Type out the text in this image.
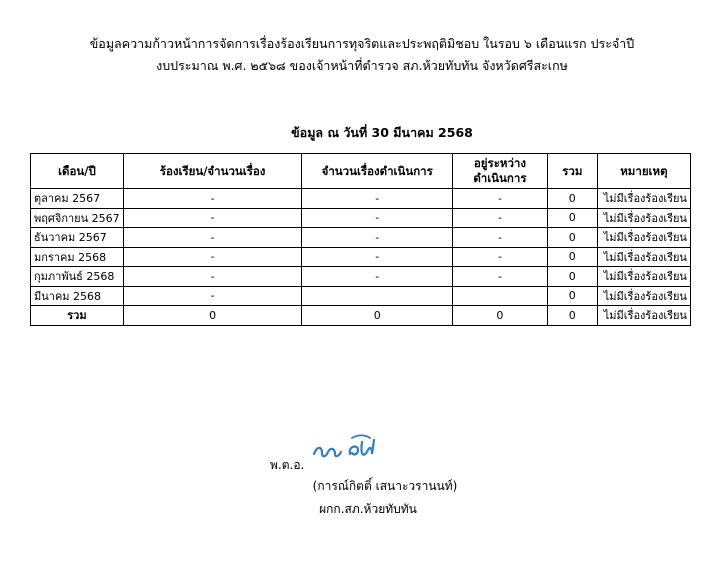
ข้อมูลความก้าวหน้าการจัดการเรื่องร้องเรียนการทุจริตและประพฤติมิชอบ ในรอบ ๖ เดือนแรก ประจำปี
งบประมาณ พ.ศ. ๒๕๖๘ ของเจ้าหน้าที่ตำรวจ สภ.ห้วยทับทัน จังหวัดศรีสะเกษ
ข้อมูล ณ วันที่ 30 มีนาคม 2568
เดือน/ปี	ร้องเรียน/จำนวนเรื่อง	จำนวนเรื่องดำเนินการ	อยู่ระหว่าง
ดำเนินการ	รวม	หมายเหตุ
ตุลาคม 2567	-	-	-	0	ไม่มีเรื่องร้องเรียน
พฤศจิกายน 2567	-	-	-	0	ไม่มีเรื่องร้องเรียน
ธันวาคม 2567	-	-	-	0	ไม่มีเรื่องร้องเรียน
มกราคม 2568	-	-	-	0	ไม่มีเรื่องร้องเรียน
กุมภาพันธ์ 2568	-	-	-	0	ไม่มีเรื่องร้องเรียน
มีนาคม 2568	-			0	ไม่มีเรื่องร้องเรียน
รวม	0	0	0	0	ไม่มีเรื่องร้องเรียน
พ.ต.อ.
(การณ์กิตติ์ เสนาะวรานนท์)
ผกก.สภ.ห้วยทับทัน
